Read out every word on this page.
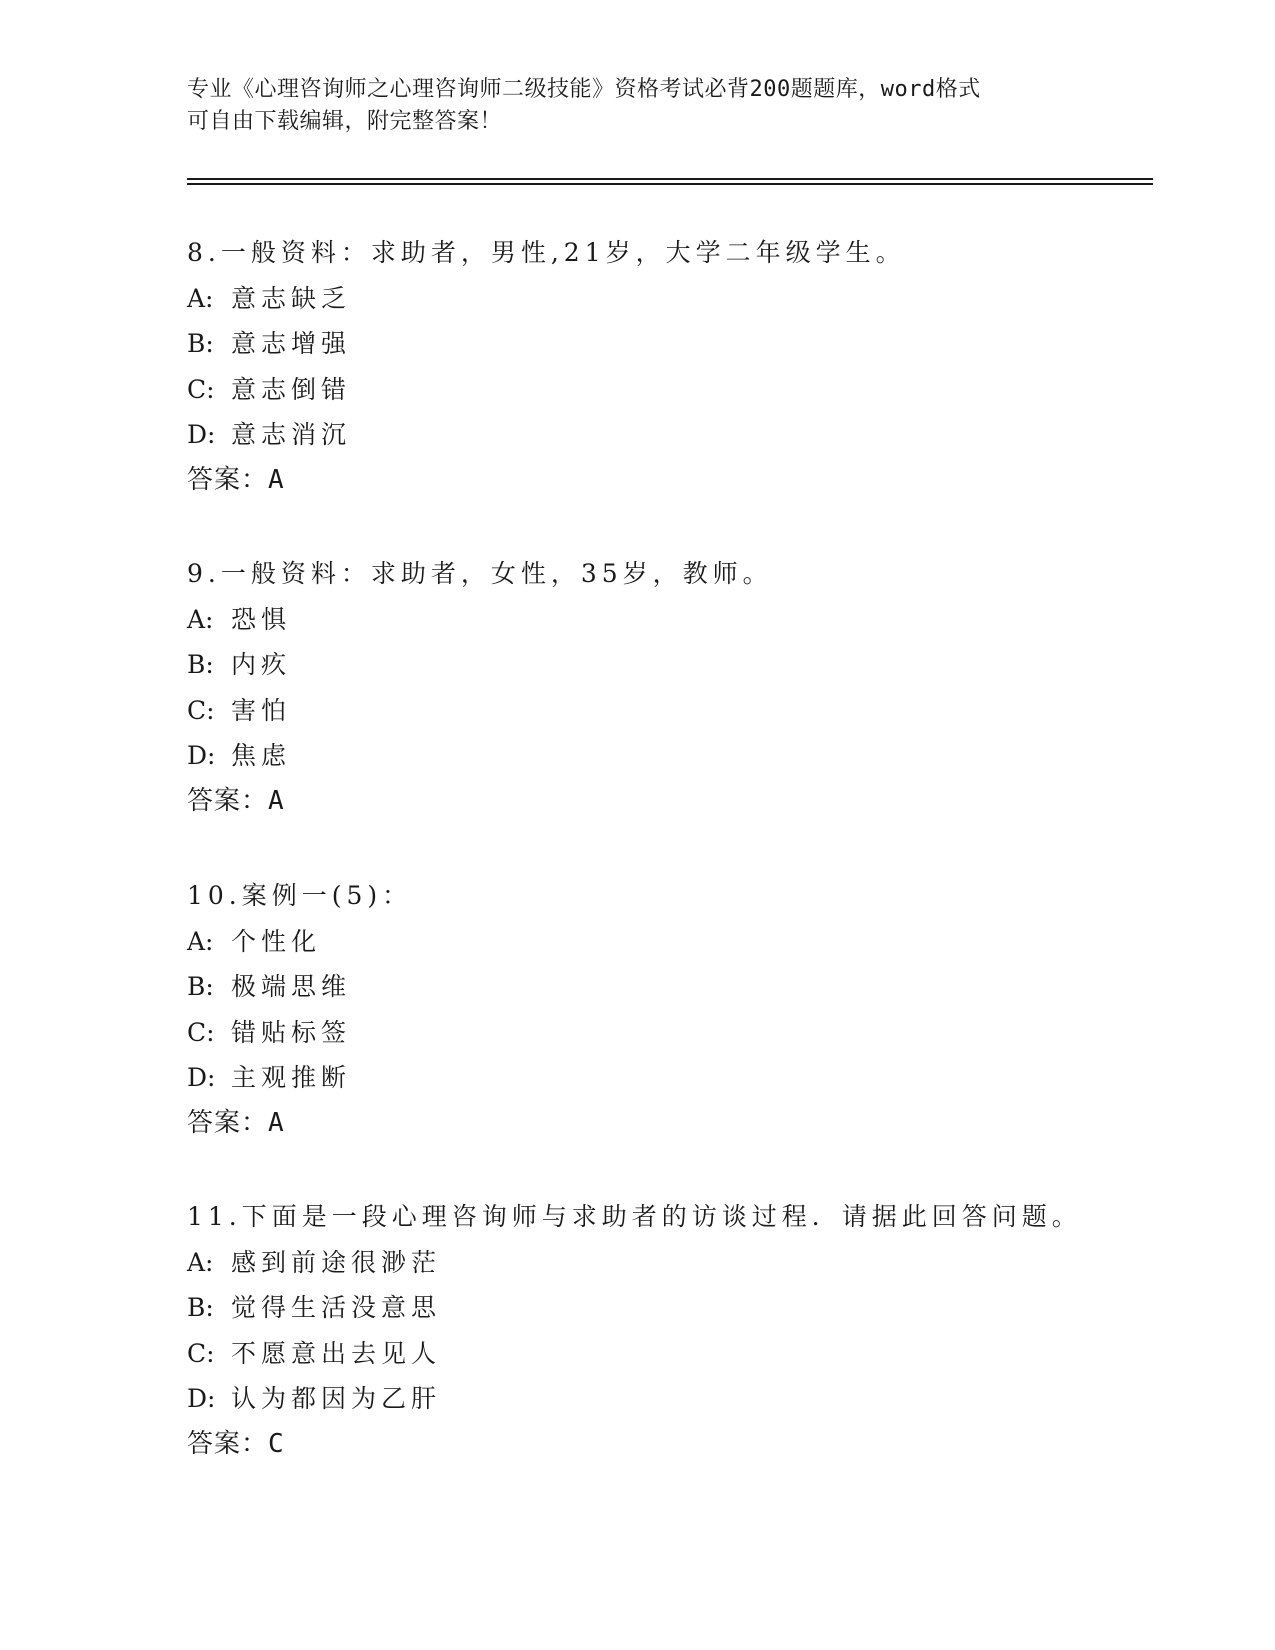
专业《心理咨询师之心理咨询师二级技能》资格考试必背200题题库，word格式
可自由下载编辑，附完整答案！
8.一般资料：求助者，男性,21岁，大学二年级学生。
A: 意志缺乏
B: 意志增强
C: 意志倒错
D: 意志消沉
答案：A
9.一般资料：求助者，女性，35岁，教师。
A: 恐惧
B: 内疚
C: 害怕
D: 焦虑
答案：A
10.案例一(5)：
A: 个性化
B: 极端思维
C: 错贴标签
D: 主观推断
答案：A
11.下面是一段心理咨询师与求助者的访谈过程．请据此回答问题。
A: 感到前途很渺茫
B: 觉得生活没意思
C: 不愿意出去见人
D: 认为都因为乙肝
答案：C
